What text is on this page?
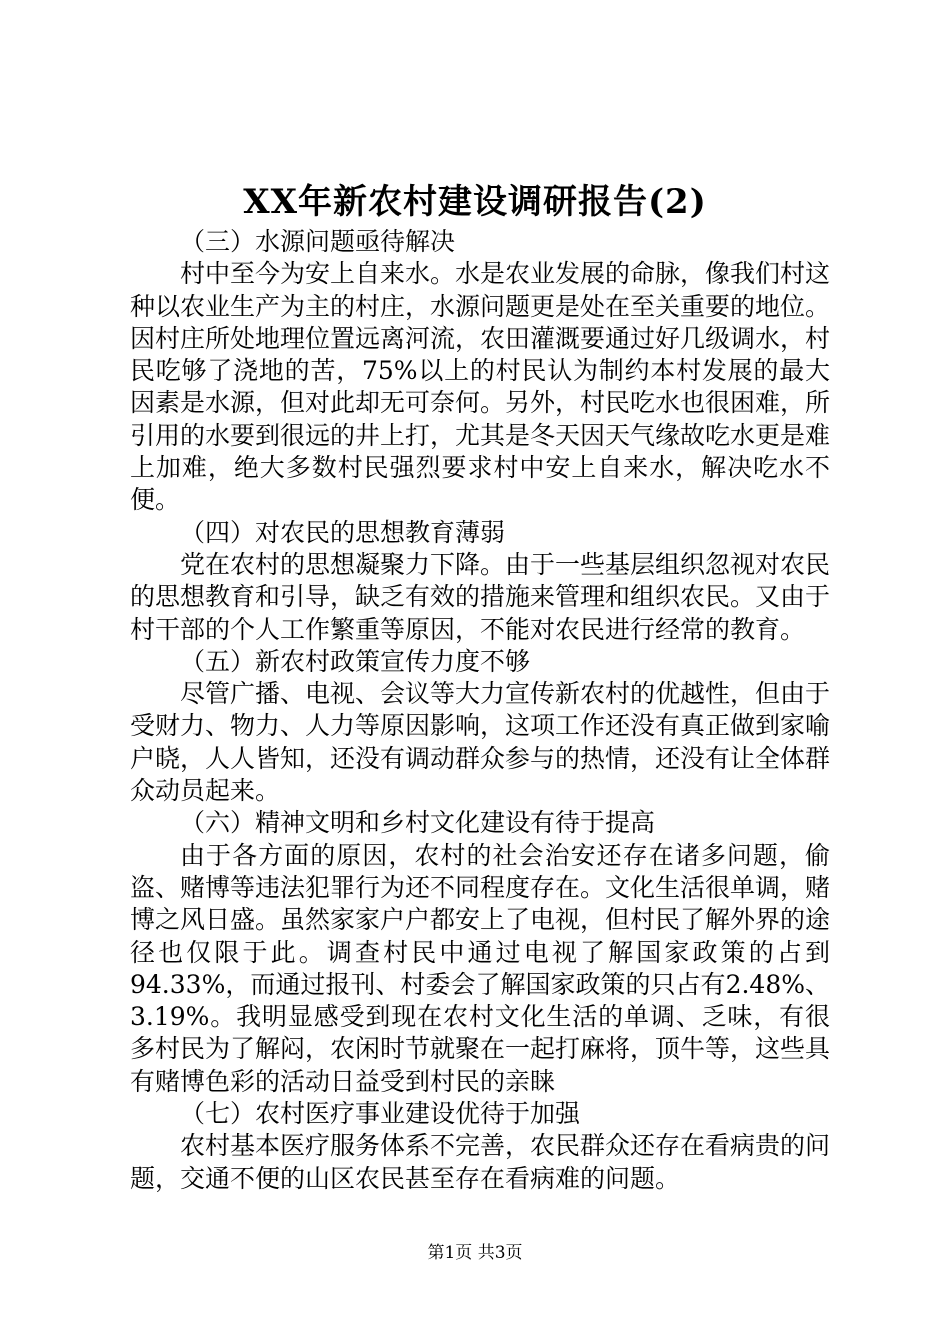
XX年新农村建设调研报告(2)

（三）水源问题亟待解决

村中至今为安上自来水。水是农业发展的命脉，像我们村这种以农业生产为主的村庄，水源问题更是处在至关重要的地位。因村庄所处地理位置远离河流，农田灌溉要通过好几级调水，村民吃够了浇地的苦，75%以上的村民认为制约本村发展的最大因素是水源，但对此却无可奈何。另外，村民吃水也很困难，所引用的水要到很远的井上打，尤其是冬天因天气缘故吃水更是难上加难，绝大多数村民强烈要求村中安上自来水，解决吃水不便。

（四）对农民的思想教育薄弱

党在农村的思想凝聚力下降。由于一些基层组织忽视对农民的思想教育和引导，缺乏有效的措施来管理和组织农民。又由于村干部的个人工作繁重等原因，不能对农民进行经常的教育。

（五）新农村政策宣传力度不够

尽管广播、电视、会议等大力宣传新农村的优越性，但由于受财力、物力、人力等原因影响，这项工作还没有真正做到家喻户晓，人人皆知，还没有调动群众参与的热情，还没有让全体群众动员起来。

（六）精神文明和乡村文化建设有待于提高

由于各方面的原因，农村的社会治安还存在诸多问题，偷盗、赌博等违法犯罪行为还不同程度存在。文化生活很单调，赌博之风日盛。虽然家家户户都安上了电视，但村民了解外界的途径也仅限于此。调查村民中通过电视了解国家政策的占到94.33%，而通过报刊、村委会了解国家政策的只占有2.48%、3.19%。我明显感受到现在农村文化生活的单调、乏味，有很多村民为了解闷，农闲时节就聚在一起打麻将，顶牛等，这些具有赌博色彩的活动日益受到村民的亲睐

（七）农村医疗事业建设优待于加强

农村基本医疗服务体系不完善，农民群众还存在看病贵的问题，交通不便的山区农民甚至存在看病难的问题。

第1页 共3页
